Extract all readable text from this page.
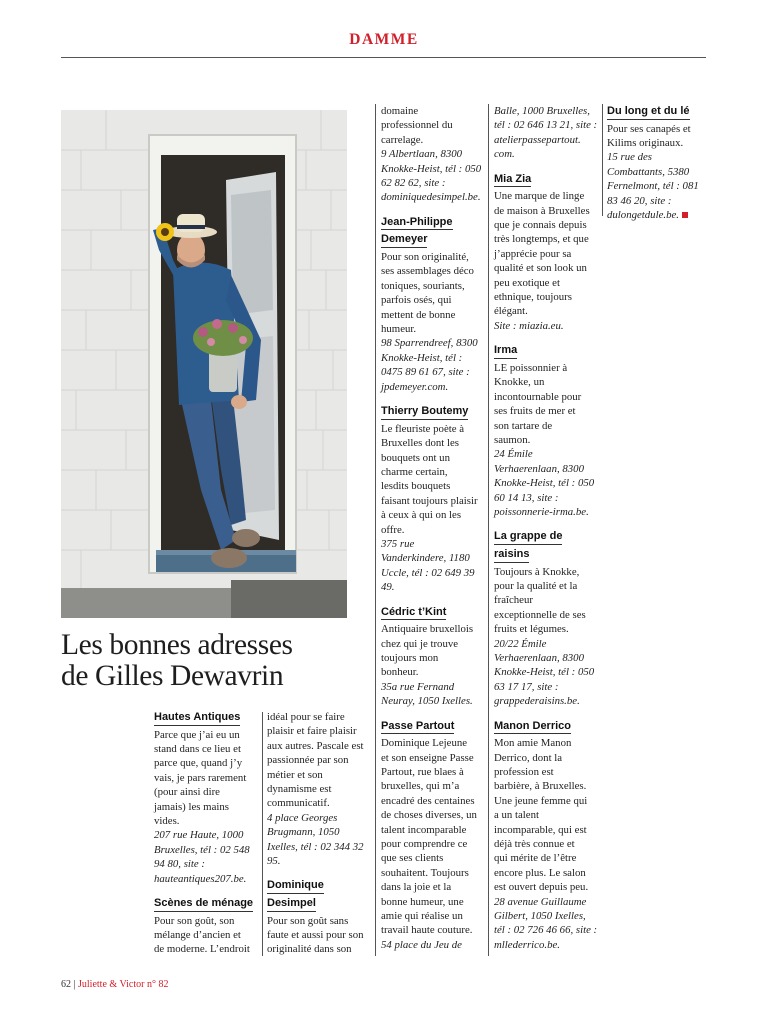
DAMME
Les bonnes adresses
de Gilles Dewavrin
Hautes Antiques

Parce que j’ai eu un

stand dans ce lieu et

parce que, quand j’y

vais, je pars rarement

(pour ainsi dire

jamais) les mains

vides.

207 rue Haute, 1000

Bruxelles, tél : 02 548

94 80, site :

hauteantiques207.be.

Scènes de ménage

Pour son goût, son

mélange d’ancien et

de moderne. L’endroit

idéal pour se faire

plaisir et faire plaisir

aux autres. Pascale est

passionnée par son

métier et son

dynamisme est

communicatif.

4 place Georges

Brugmann, 1050

Ixelles, tél : 02 344 32

95.

Dominique
Desimpel

Pour son goût sans

faute et aussi pour son

originalité dans son

domaine

professionnel du

carrelage.

9 Albertlaan, 8300

Knokke-Heist, tél : 050

62 82 62, site :

dominiquedesimpel.be.

Jean-Philippe
Demeyer

Pour son originalité,

ses assemblages déco

toniques, souriants,

parfois osés, qui

mettent de bonne

humeur.

98 Sparrendreef, 8300

Knokke-Heist, tél :

0475 89 61 67, site :

jpdemeyer.com.

Thierry Boutemy

Le fleuriste poète à

Bruxelles dont les

bouquets ont un

charme certain,

lesdits bouquets

faisant toujours plaisir

à ceux à qui on les

offre.

375 rue

Vanderkindere, 1180

Uccle, tél : 02 649 39

49.

Cédric t’Kint

Antiquaire bruxellois

chez qui je trouve

toujours mon

bonheur.

35a rue Fernand

Neuray, 1050 Ixelles.

Passe Partout

Dominique Lejeune

et son enseigne Passe

Partout, rue blaes à

bruxelles, qui m’a

encadré des centaines

de choses diverses, un

talent incomparable

pour comprendre ce

que ses clients

souhaitent. Toujours

dans la joie et la

bonne humeur, une

amie qui réalise un

travail haute couture.

54 place du Jeu de

Balle, 1000 Bruxelles,

tél : 02 646 13 21, site :

atelierpassepartout.

com.

Mia Zia

Une marque de linge

de maison à Bruxelles

que je connais depuis

très longtemps, et que

j’apprécie pour sa

qualité et son look un

peu exotique et

ethnique, toujours

élégant.

Site : miazia.eu.

Irma

LE poissonnier à

Knokke, un

incontournable pour

ses fruits de mer et

son tartare de

saumon.

24 Émile

Verhaerenlaan, 8300

Knokke-Heist, tél : 050

60 14 13, site :

poissonnerie-irma.be.

La grappe de
raisins

Toujours à Knokke,

pour la qualité et la

fraîcheur

exceptionnelle de ses

fruits et légumes.

20/22 Émile

Verhaerenlaan, 8300

Knokke-Heist, tél : 050

63 17 17, site :

grappederaisins.be.

Manon Derrico

Mon amie Manon

Derrico, dont la

profession est

barbière, à Bruxelles.

Une jeune femme qui

a un talent

incomparable, qui est

déjà très connue et

qui mérite de l’être

encore plus. Le salon

est ouvert depuis peu.

28 avenue Guillaume

Gilbert, 1050 Ixelles,

tél : 02 726 46 66, site :

mllederrico.be.

Du long et du lé

Pour ses canapés et

Kilims originaux.

15 rue des

Combattants, 5380

Fernelmont, tél : 081

83 46 20, site :

dulongetdule.be.

62 | Juliette & Victor n° 82
